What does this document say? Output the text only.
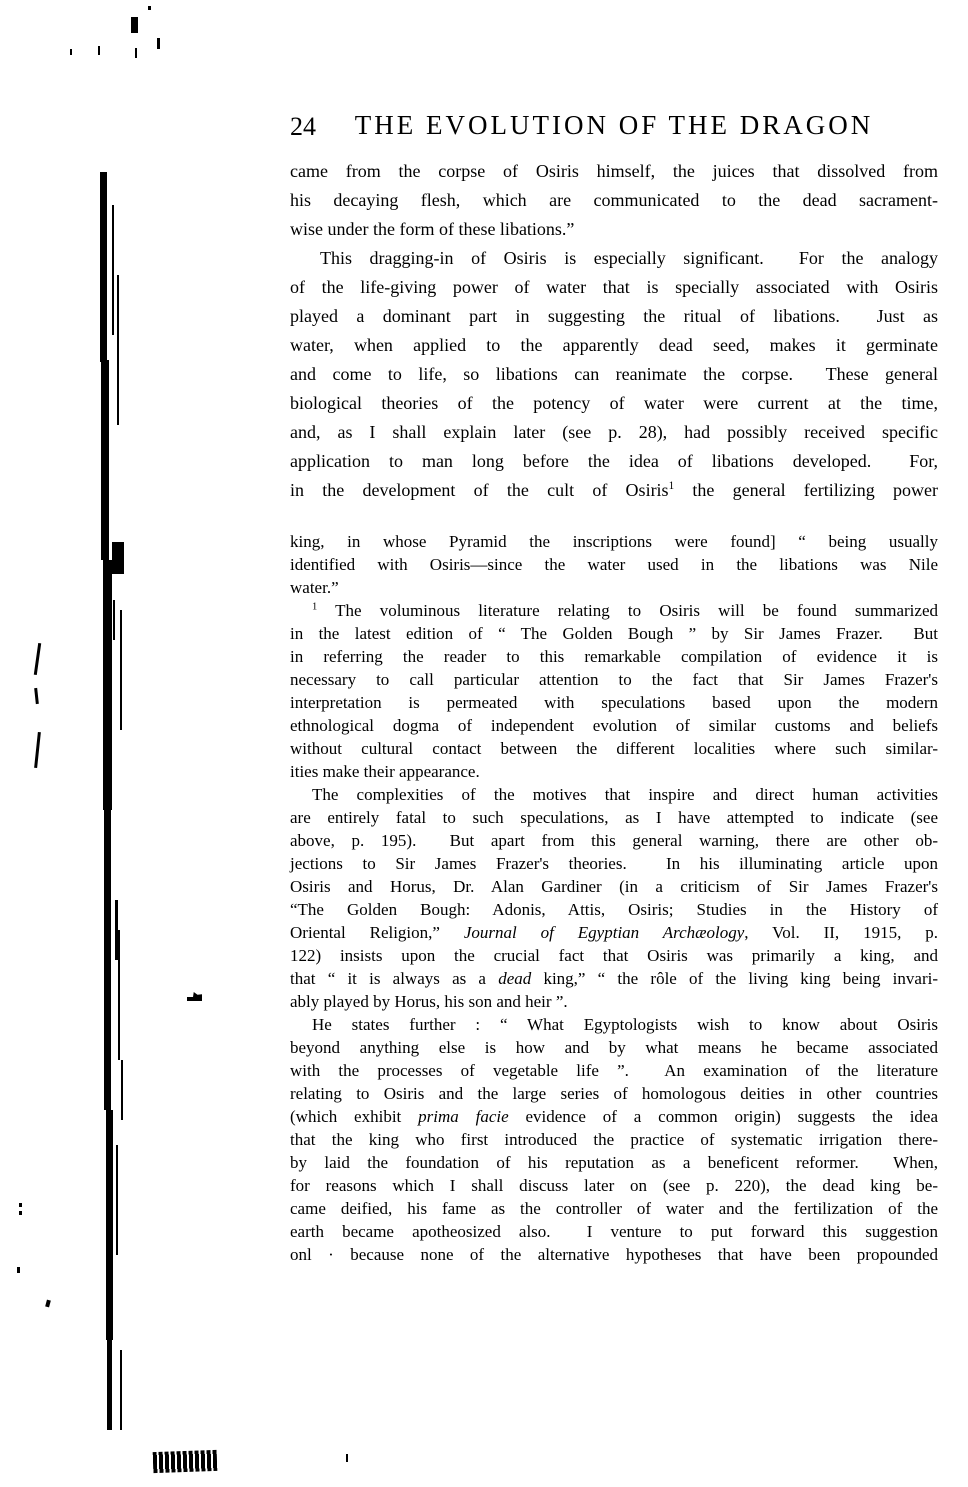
24	THE EVOLUTION OF THE DRAGON
came from the corpse of Osiris himself, the juices that dissolved from
his decaying flesh, which are communicated to the dead sacrament-
wise under the form of these libations.”
This dragging-in of Osiris is especially significant.  For the analogy
of the life-giving power of water that is specially associated with Osiris
played a dominant part in suggesting the ritual of libations.  Just as
water, when applied to the apparently dead seed, makes it germinate
and come to life, so libations can reanimate the corpse.  These general
biological theories of the potency of water were current at the time,
and, as I shall explain later (see p. 28), had possibly received specific
application to man long before the idea of libations developed.  For,
in the development of the cult of Osiris$^1$ the general fertilizing power
king, in whose Pyramid the inscriptions were found] “ being usually
identified with Osiris—since the water used in the libations was Nile
water.”
$^1$ The voluminous literature relating to Osiris will be found summarized
in the latest edition of “ The Golden Bough ” by Sir James Frazer.  But
in referring the reader to this remarkable compilation of evidence it is
necessary to call particular attention to the fact that Sir James Frazer's
interpretation is permeated with speculations based upon the modern
ethnological dogma of independent evolution of similar customs and beliefs
without cultural contact between the different localities where such similar-
ities make their appearance.
The complexities of the motives that inspire and direct human activities
are entirely fatal to such speculations, as I have attempted to indicate (see
above, p. 195).  But apart from this general warning, there are other ob-
jections to Sir James Frazer's theories.  In his illuminating article upon
Osiris and Horus, Dr. Alan Gardiner (in a criticism of Sir James Frazer's
“The Golden Bough: Adonis, Attis, Osiris; Studies in the History of
Oriental Religion,” Journal of Egyptian Archæology, Vol. II, 1915, p.
122) insists upon the crucial fact that Osiris was primarily a king, and
that “ it is always as a dead king,” “ the rôle of the living king being invari-
ably played by Horus, his son and heir ”.
He states further : “ What Egyptologists wish to know about Osiris
beyond anything else is how and by what means he became associated
with the processes of vegetable life ”.  An examination of the literature
relating to Osiris and the large series of homologous deities in other countries
(which exhibit prima facie evidence of a common origin) suggests the idea
that the king who first introduced the practice of systematic irrigation there-
by laid the foundation of his reputation as a beneficent reformer.  When,
for reasons which I shall discuss later on (see p. 220), the dead king be-
came deified, his fame as the controller of water and the fertilization of the
earth became apotheosized also.  I venture to put forward this suggestion
onl · because none of the alternative hypotheses that have been propounded
